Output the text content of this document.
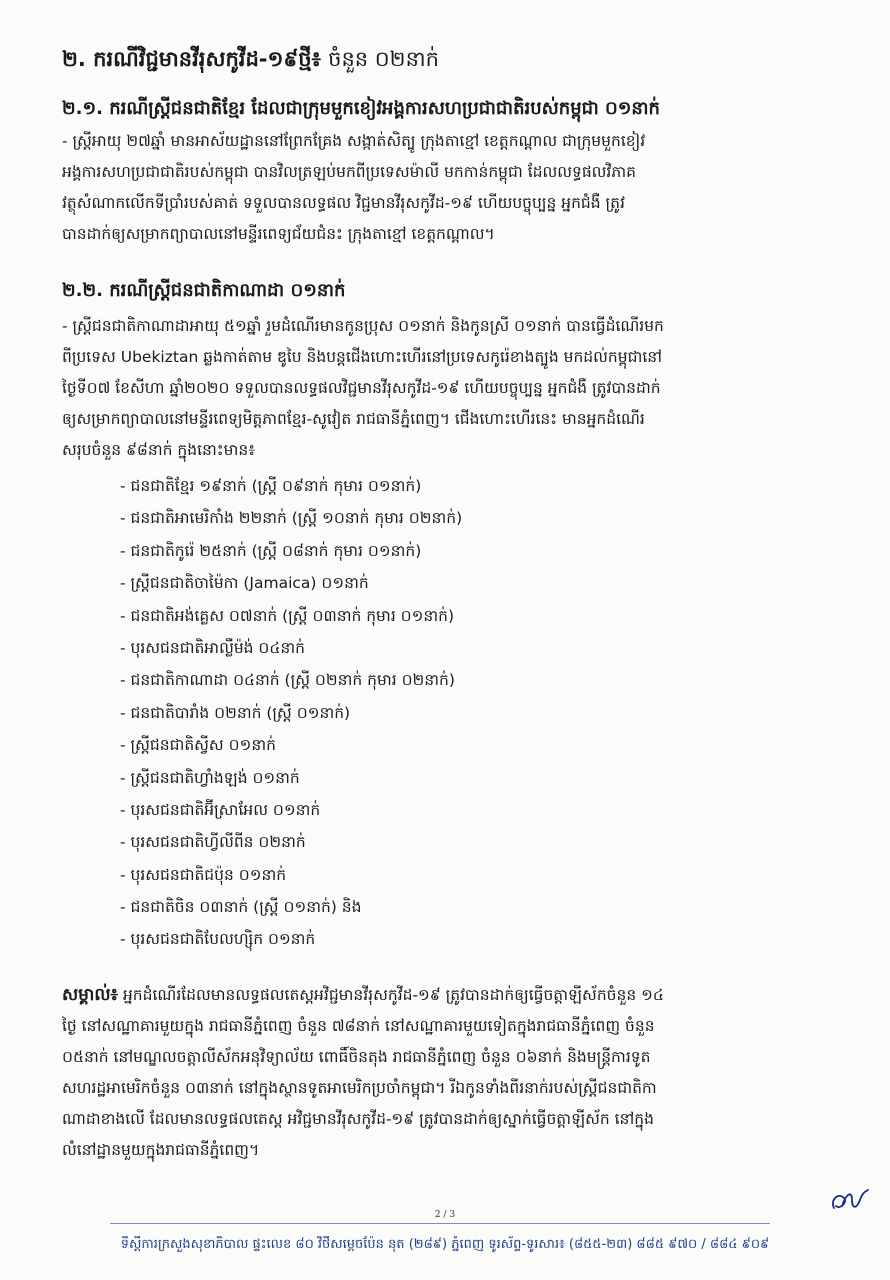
២. ករណីវិជ្ជមានវីរុសកូវីដ-១៩ថ្មី៖ ចំនួន ០២នាក់
២.១. ករណីស្ត្រីជនជាតិខ្មែរ ដែលជាក្រុមមួកខៀវអង្គការសហប្រជាជាតិរបស់កម្ពុជា ០១នាក់

- ស្ត្រីអាយុ ២៧ឆ្នាំ មានអាស័យដ្ឋាននៅព្រែកគ្រែង សង្កាត់សិត្បូ ក្រុងតាខ្មៅ ខេត្តកណ្ដាល ជាក្រុមមួកខៀវ

អង្គការសហប្រជាជាតិរបស់កម្ពុជា បានវិលត្រឡប់មកពីប្រទេសម៉ាលី មកកាន់កម្ពុជា ដែលលទ្ធផលវិភាគ

វត្ថុសំណាកលើកទីប្រាំរបស់គាត់ ទទួលបានលទ្ធផល វិជ្ជមានវីរុសកូវីដ-១៩ ហើយបច្ចុប្បន្ន អ្នកជំងឺ ត្រូវ

បានដាក់ឲ្យសម្រាកព្យាបាលនៅមន្ទីរពេទ្យជ័យជំនះ ក្រុងតាខ្មៅ ខេត្តកណ្ដាល។

២.២. ករណីស្ត្រីជនជាតិកាណាដា ០១នាក់

- ស្ត្រីជនជាតិកាណាដាអាយុ ៥១ឆ្នាំ រួមដំណើរមានកូនប្រុស ០១នាក់ និងកូនស្រី ០១នាក់ បានធ្វើដំណើរមក

ពីប្រទេស Ubekiztan ឆ្លងកាត់តាម ឌូបៃ និងបន្តជើងហោះហើរនៅប្រទេសកូរ៉េខាងត្បូង មកដល់កម្ពុជានៅ

ថ្ងៃទី០៧ ខែសីហា ឆ្នាំ២០២០ ទទួលបានលទ្ធផលវិជ្ជមានវីរុសកូវីដ-១៩ ហើយបច្ចុប្បន្ន អ្នកជំងឺ ត្រូវបានដាក់

ឲ្យសម្រាកព្យាបាលនៅមន្ទីរពេទ្យមិត្តភាពខ្មែរ-សូវៀត រាជធានីភ្នំពេញ។ ជើងហោះហើរនេះ មានអ្នកដំណើរ

សរុបចំនួន ៩៨នាក់ ក្នុងនោះមាន៖

- ជនជាតិខ្មែរ ១៩នាក់ (ស្ត្រី ០៩នាក់ កុមារ ០១នាក់)
- ជនជាតិអាមេរិកាំង ២២នាក់ (ស្ត្រី ១០នាក់ កុមារ ០២នាក់)
- ជនជាតិកូរ៉េ ២៥នាក់ (ស្ត្រី ០៨នាក់ កុមារ ០១នាក់)
- ស្ត្រីជនជាតិចាម៉ៃកា (Jamaica) ០១នាក់
- ជនជាតិអង់គ្លេស ០៧នាក់ (ស្ត្រី ០៣នាក់ កុមារ ០១នាក់)
- បុរសជនជាតិអាល្លឺម៉ង់ ០៤នាក់
- ជនជាតិកាណាដា ០៤នាក់ (ស្ត្រី ០២នាក់ កុមារ ០២នាក់)
- ជនជាតិបារាំង ០២នាក់ (ស្ត្រី ០១នាក់)
- ស្ត្រីជនជាតិស្វីស ០១នាក់
- ស្ត្រីជនជាតិហ្វាំងឡង់ ០១នាក់
- បុរសជនជាតិអ៊ីស្រាអែល ០១នាក់
- បុរសជនជាតិហ្វីលីពីន ០២នាក់
- បុរសជនជាតិជប៉ុន ០១នាក់
- ជនជាតិចិន ០៣នាក់ (ស្ត្រី ០១នាក់) និង
- បុរសជនជាតិបែលហ្ស៊ិក ០១នាក់

សម្គាល់៖ អ្នកដំណើរដែលមានលទ្ធផលតេស្តអវិជ្ជមានវីរុសកូវីដ-១៩ ត្រូវបានដាក់ឲ្យធ្វើចត្តាឡីស័កចំនួន ១៤

ថ្ងៃ នៅសណ្ឋាគារមួយក្នុង រាជធានីភ្នំពេញ ចំនួន ៧៨នាក់ នៅសណ្ឋាគារមួយទៀតក្នុងរាជធានីភ្នំពេញ ចំនួន

០៥នាក់ នៅមណ្ឌលចត្តាលីស័កអនុវិទ្យាល័យ ពោធិ៍ចិនតុង រាជធានីភ្នំពេញ ចំនួន ០៦នាក់ និងមន្ត្រីការទូត

សហរដ្ឋអាមេរិកចំនួន ០៣នាក់ នៅក្នុងស្ថានទូតអាមេរិកប្រចាំកម្ពុជា។ រីឯកូនទាំងពីរនាក់របស់ស្ត្រីជនជាតិកា

ណាដាខាងលើ ដែលមានលទ្ធផលតេស្ត អវិជ្ជមានវីរុសកូវីដ-១៩ ត្រូវបានដាក់ឲ្យស្នាក់ធ្វើចត្តាឡីស័ក នៅក្នុង

លំនៅដ្ឋានមួយក្នុងរាជធានីភ្នំពេញ។

2 / 3
ទីស្តីការក្រសួងសុខាភិបាល ផ្ទះលេខ ៨០ វិថីសម្ដេចប៉ែន នុត (២៨៩) ភ្នំពេញ ទូរស័ព្ទ-ទូរសារ៖ (៨៥៥-២៣) ៨៨៥ ៩៧០ / ៨៨៤ ៩០៩
